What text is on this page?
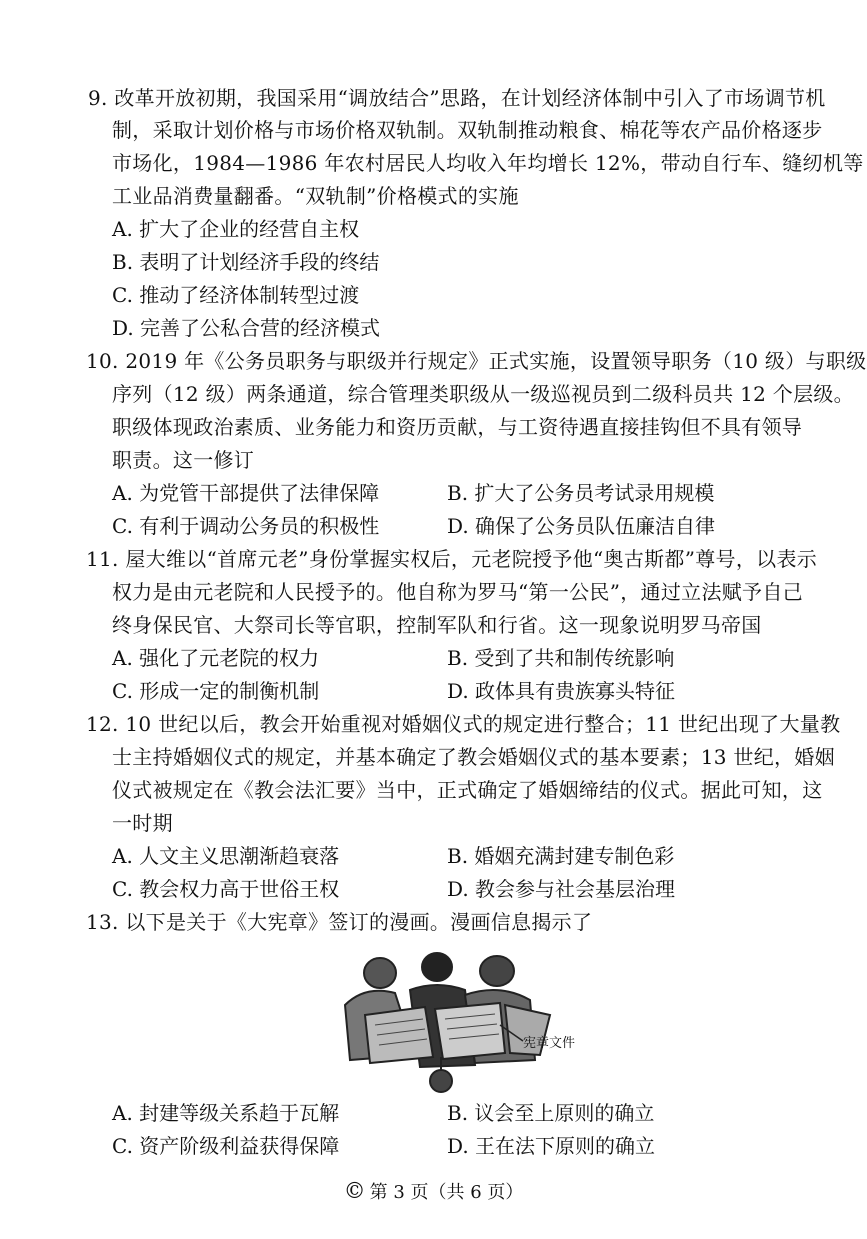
9. 改革开放初期，我国采用“调放结合”思路，在计划经济体制中引入了市场调节机
制，采取计划价格与市场价格双轨制。双轨制推动粮食、棉花等农产品价格逐步
市场化，1984—1986 年农村居民人均收入年均增长 12%，带动自行车、缝纫机等
工业品消费量翻番。“双轨制”价格模式的实施
A. 扩大了企业的经营自主权
B. 表明了计划经济手段的终结
C. 推动了经济体制转型过渡
D. 完善了公私合营的经济模式
10. 2019 年《公务员职务与职级并行规定》正式实施，设置领导职务（10 级）与职级
序列（12 级）两条通道，综合管理类职级从一级巡视员到二级科员共 12 个层级。
职级体现政治素质、业务能力和资历贡献，与工资待遇直接挂钩但不具有领导
职责。这一修订
A. 为党管干部提供了法律保障	B. 扩大了公务员考试录用规模
C. 有利于调动公务员的积极性	D. 确保了公务员队伍廉洁自律
11. 屋大维以“首席元老”身份掌握实权后，元老院授予他“奥古斯都”尊号，以表示
权力是由元老院和人民授予的。他自称为罗马“第一公民”，通过立法赋予自己
终身保民官、大祭司长等官职，控制军队和行省。这一现象说明罗马帝国
A. 强化了元老院的权力	B. 受到了共和制传统影响
C. 形成一定的制衡机制	D. 政体具有贵族寡头特征
12. 10 世纪以后，教会开始重视对婚姻仪式的规定进行整合；11 世纪出现了大量教
士主持婚姻仪式的规定，并基本确定了教会婚姻仪式的基本要素；13 世纪，婚姻
仪式被规定在《教会法汇要》当中，正式确定了婚姻缔结的仪式。据此可知，这
一时期
A. 人文主义思潮渐趋衰落	B. 婚姻充满封建专制色彩
C. 教会权力高于世俗王权	D. 教会参与社会基层治理
13. 以下是关于《大宪章》签订的漫画。漫画信息揭示了
宪章文件
A. 封建等级关系趋于瓦解	B. 议会至上原则的确立
C. 资产阶级利益获得保障	D. 王在法下原则的确立
© 第 3 页（共 6 页）
